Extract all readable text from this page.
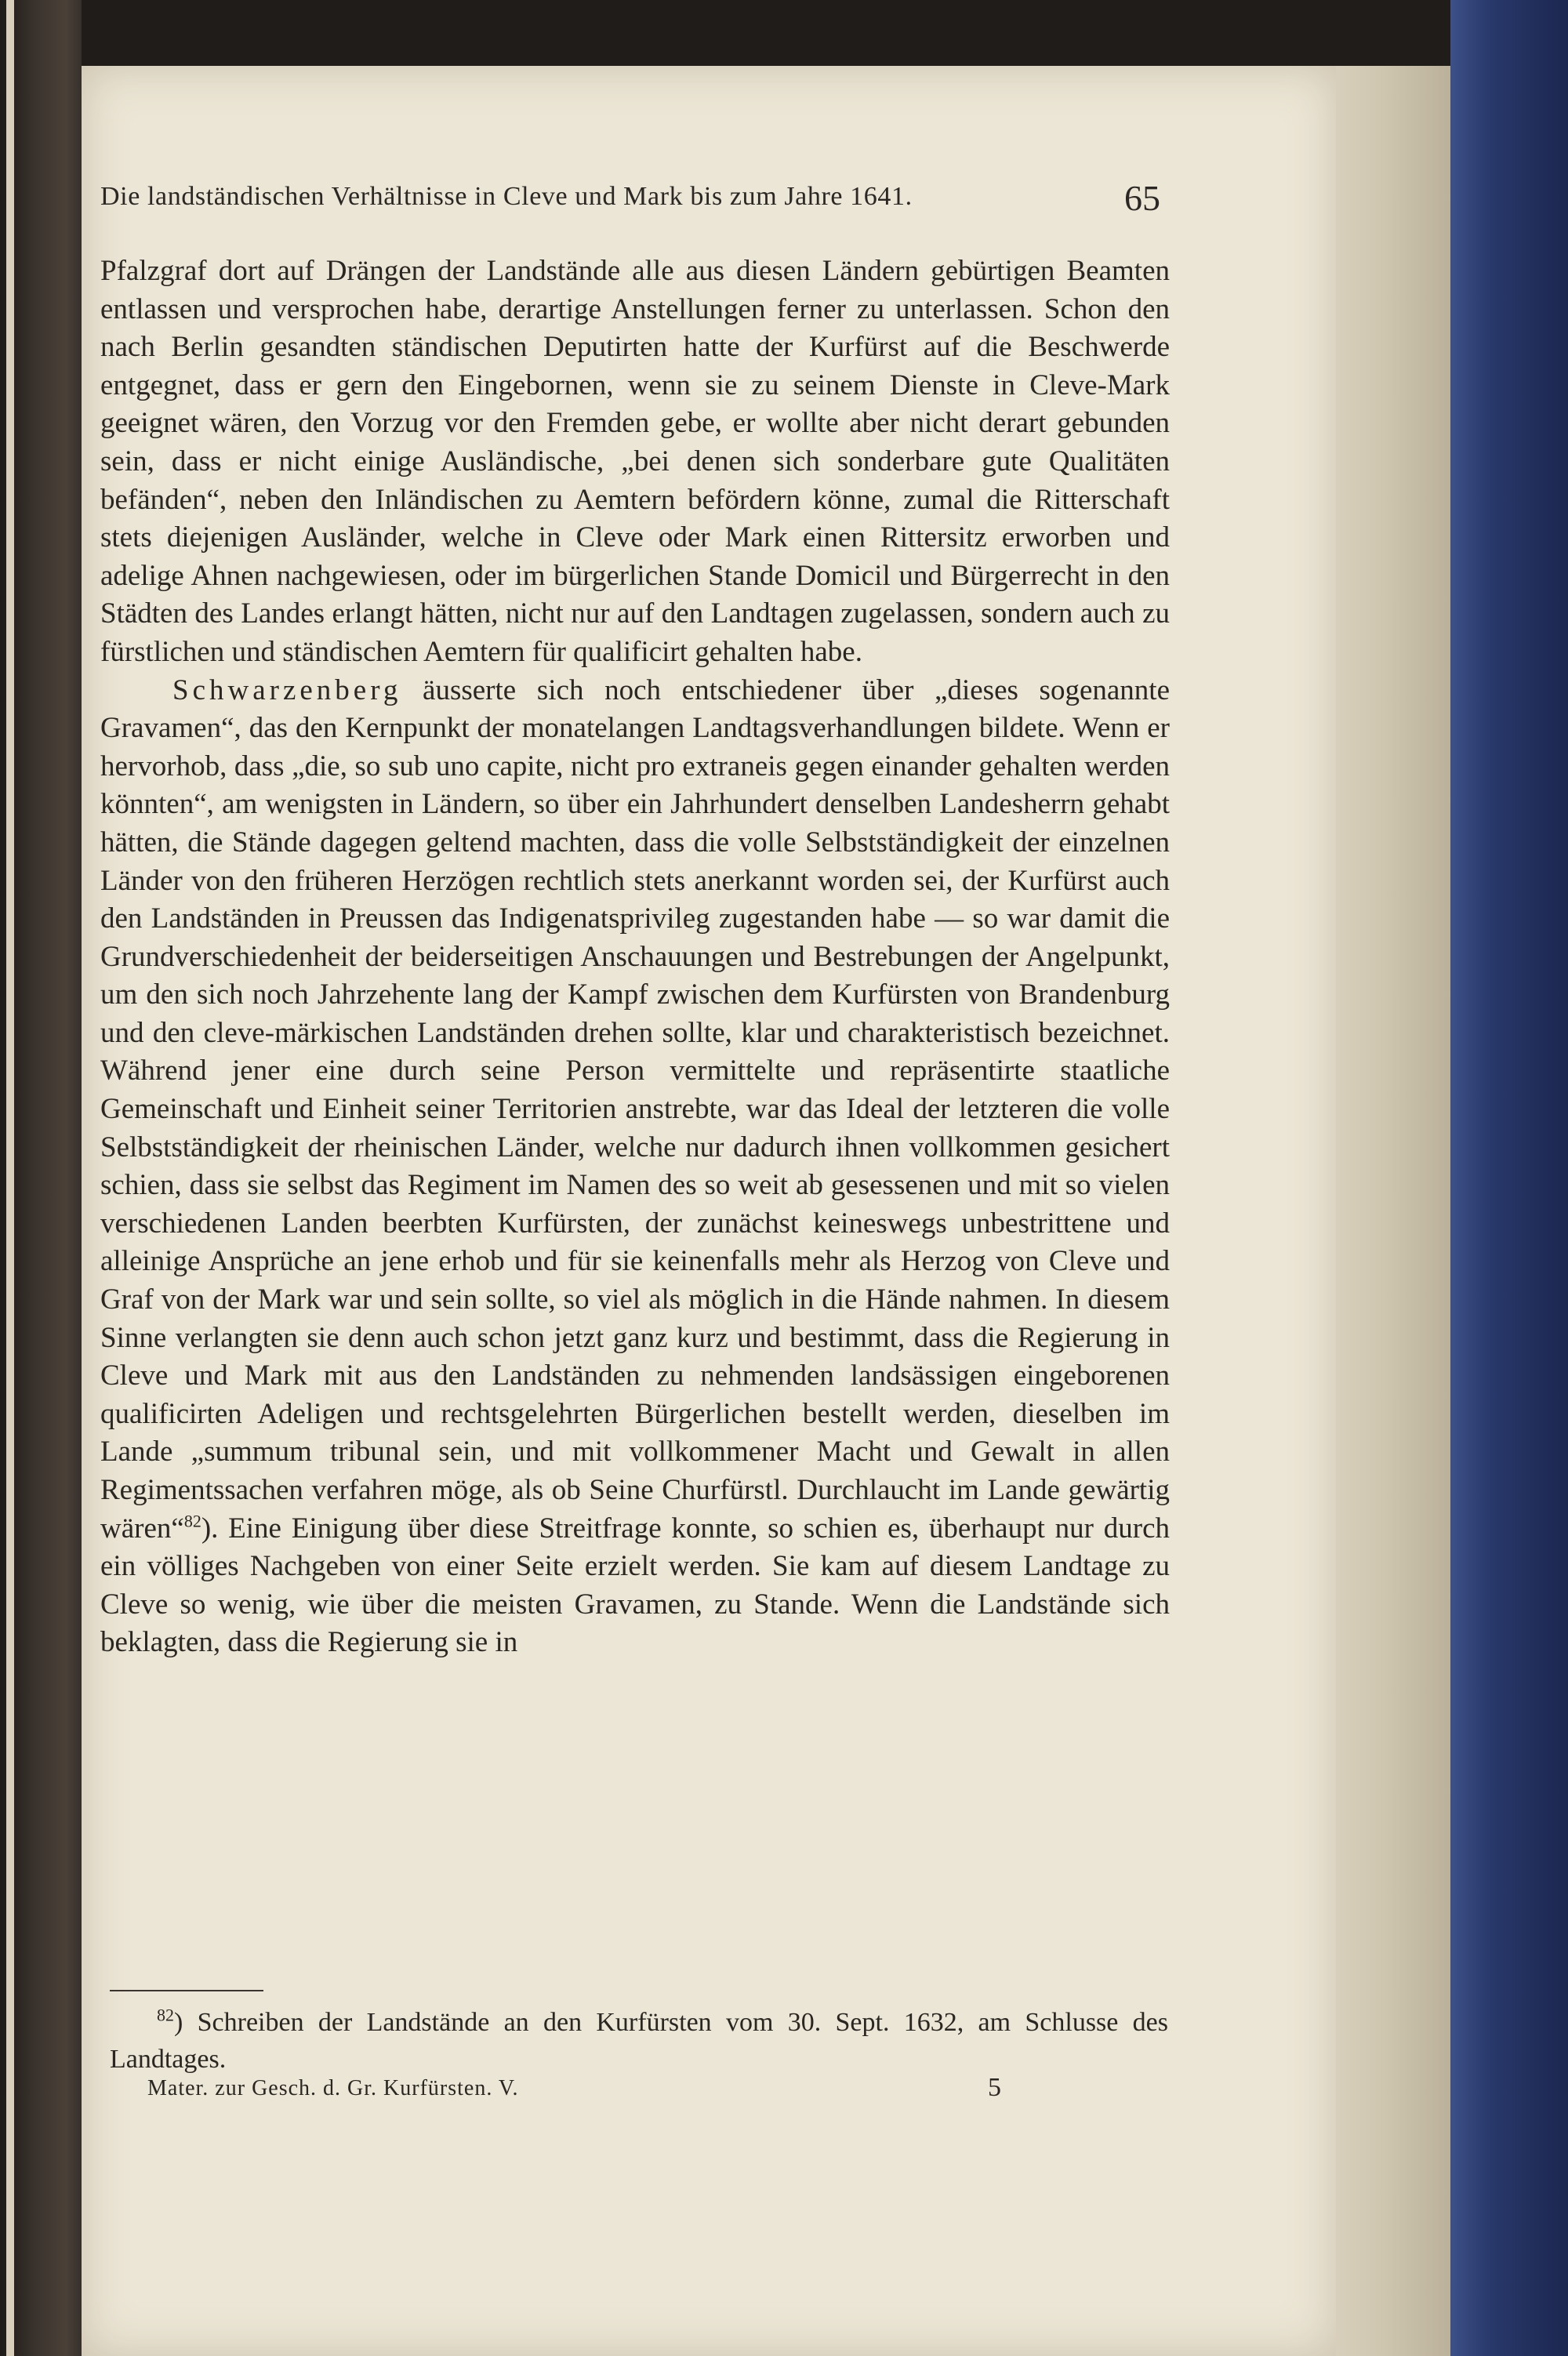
Die landständischen Verhältnisse in Cleve und Mark bis zum Jahre 1641.	65

Pfalzgraf dort auf Drängen der Landstände alle aus diesen Ländern gebürtigen Beamten entlassen und versprochen habe, derartige Anstellungen ferner zu unterlassen. Schon den nach Berlin gesandten ständischen Deputirten hatte der Kurfürst auf die Beschwerde entgegnet, dass er gern den Eingebornen, wenn sie zu seinem Dienste in Cleve-Mark geeignet wären, den Vorzug vor den Fremden gebe, er wollte aber nicht derart gebunden sein, dass er nicht einige Ausländische, „bei denen sich sonderbare gute Qualitäten befänden“, neben den Inländischen zu Aemtern befördern könne, zumal die Ritterschaft stets diejenigen Ausländer, welche in Cleve oder Mark einen Rittersitz erworben und adelige Ahnen nachgewiesen, oder im bürgerlichen Stande Domicil und Bürgerrecht in den Städten des Landes erlangt hätten, nicht nur auf den Landtagen zugelassen, sondern auch zu fürstlichen und ständischen Aemtern für qualificirt gehalten habe.

Schwarzenberg äusserte sich noch entschiedener über „dieses sogenannte Gravamen“, das den Kernpunkt der monatelangen Landtagsverhandlungen bildete. Wenn er hervorhob, dass „die, so sub uno capite, nicht pro extraneis gegen einander gehalten werden könnten“, am wenigsten in Ländern, so über ein Jahrhundert denselben Landesherrn gehabt hätten, die Stände dagegen geltend machten, dass die volle Selbstständigkeit der einzelnen Länder von den früheren Herzögen rechtlich stets anerkannt worden sei, der Kurfürst auch den Landständen in Preussen das Indigenatsprivileg zugestanden habe — so war damit die Grundverschiedenheit der beiderseitigen Anschauungen und Bestrebungen der Angelpunkt, um den sich noch Jahrzehente lang der Kampf zwischen dem Kurfürsten von Brandenburg und den cleve-märkischen Landständen drehen sollte, klar und charakteristisch bezeichnet. Während jener eine durch seine Person vermittelte und repräsentirte staatliche Gemeinschaft und Einheit seiner Territorien anstrebte, war das Ideal der letzteren die volle Selbstständigkeit der rheinischen Länder, welche nur dadurch ihnen vollkommen gesichert schien, dass sie selbst das Regiment im Namen des so weit ab gesessenen und mit so vielen verschiedenen Landen beerbten Kurfürsten, der zunächst keineswegs unbestrittene und alleinige Ansprüche an jene erhob und für sie keinenfalls mehr als Herzog von Cleve und Graf von der Mark war und sein sollte, so viel als möglich in die Hände nahmen. In diesem Sinne verlangten sie denn auch schon jetzt ganz kurz und bestimmt, dass die Regierung in Cleve und Mark mit aus den Landständen zu nehmenden landsässigen eingeborenen qualificirten Adeligen und rechtsgelehrten Bürgerlichen bestellt werden, dieselben im Lande „summum tribunal sein, und mit vollkommener Macht und Gewalt in allen Regimentssachen verfahren möge, als ob Seine Churfürstl. Durchlaucht im Lande gewärtig wären“$^{82}$). Eine Einigung über diese Streitfrage konnte, so schien es, überhaupt nur durch ein völliges Nachgeben von einer Seite erzielt werden. Sie kam auf diesem Landtage zu Cleve so wenig, wie über die meisten Gravamen, zu Stande. Wenn die Landstände sich beklagten, dass die Regierung sie in

$^{82}$) Schreiben der Landstände an den Kurfürsten vom 30. Sept. 1632, am Schlusse des Landtages.
Mater. zur Gesch. d. Gr. Kurfürsten. V.	5
